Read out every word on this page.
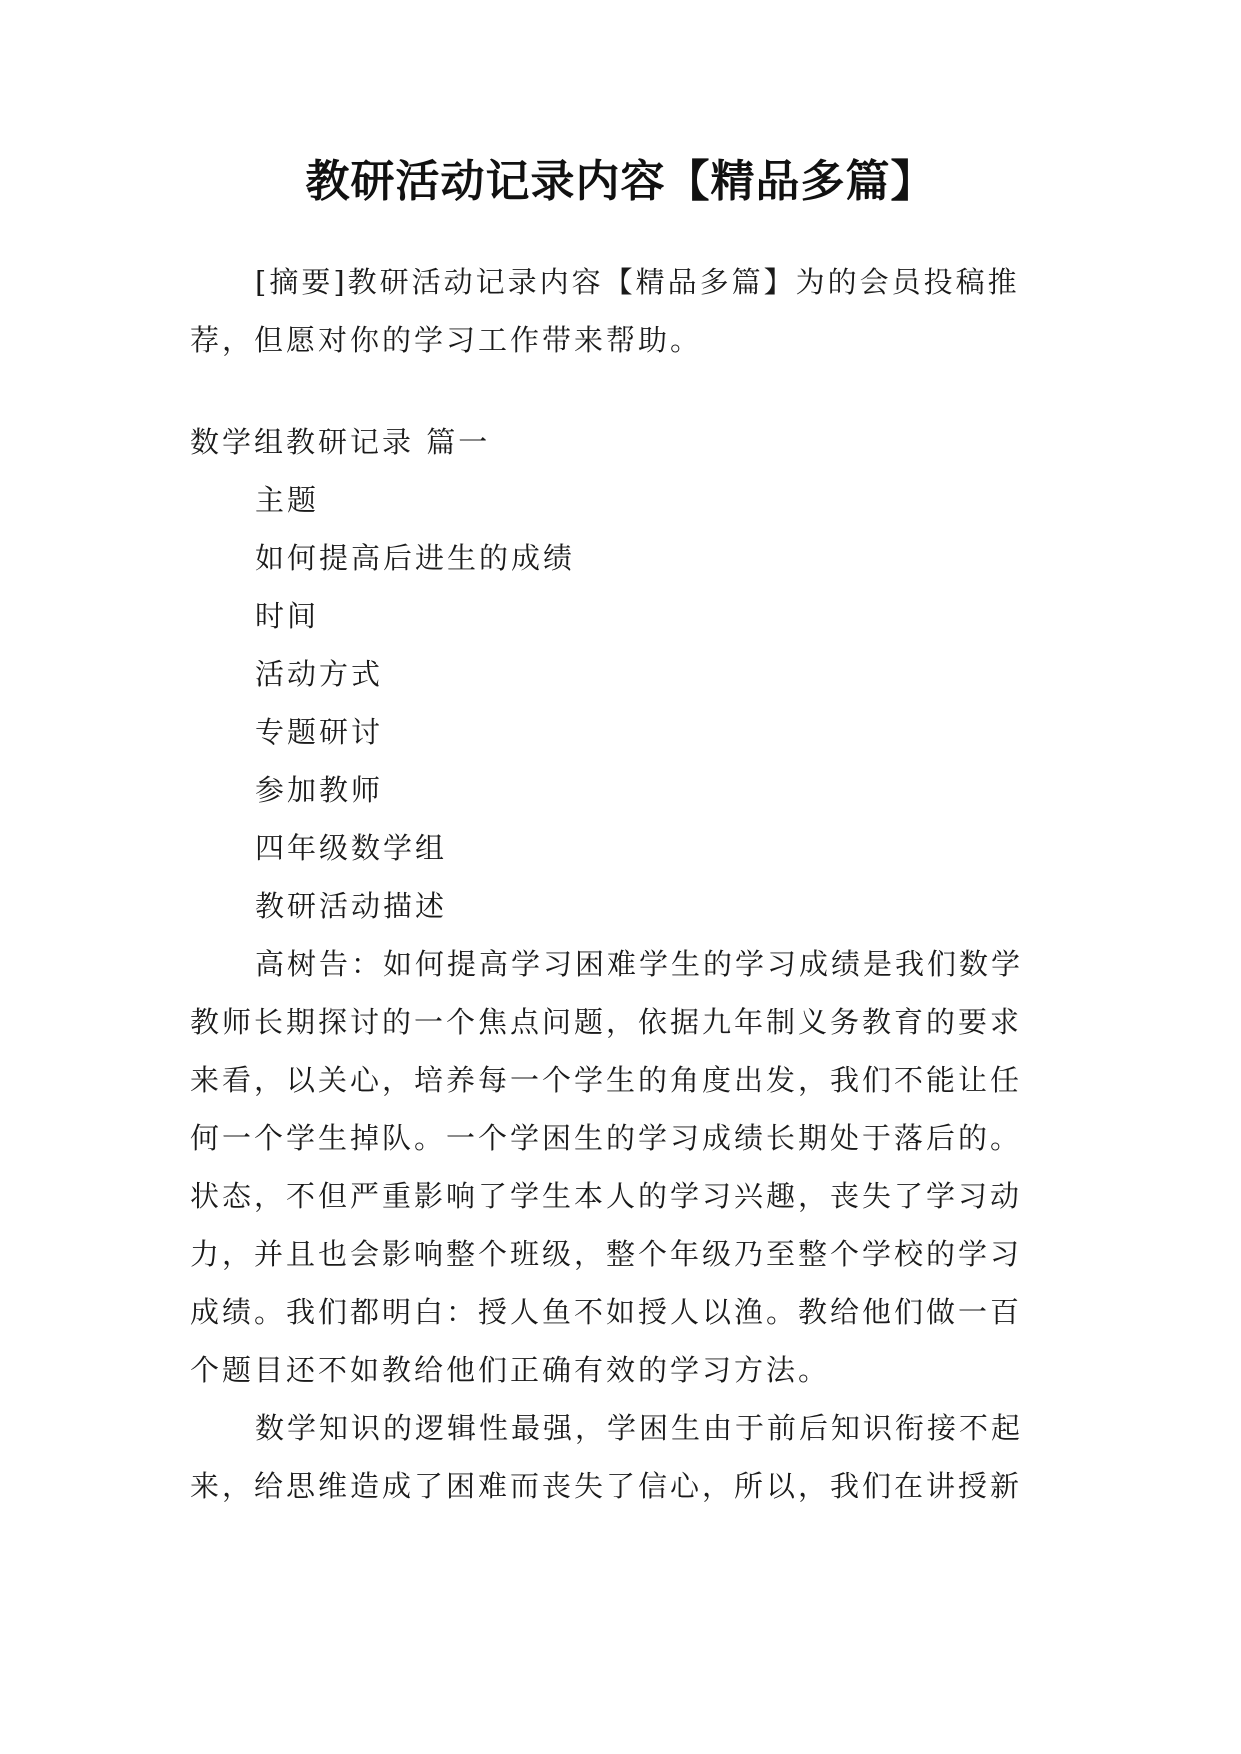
教研活动记录内容【精品多篇】
[摘要]教研活动记录内容【精品多篇】为的会员投稿推
荐，但愿对你的学习工作带来帮助。
数学组教研记录 篇一
主题
如何提高后进生的成绩
时间
活动方式
专题研讨
参加教师
四年级数学组
教研活动描述
高树告：如何提高学习困难学生的学习成绩是我们数学
教师长期探讨的一个焦点问题，依据九年制义务教育的要求
来看，以关心，培养每一个学生的角度出发，我们不能让任
何一个学生掉队。一个学困生的学习成绩长期处于落后的。
状态，不但严重影响了学生本人的学习兴趣，丧失了学习动
力，并且也会影响整个班级，整个年级乃至整个学校的学习
成绩。我们都明白：授人鱼不如授人以渔。教给他们做一百
个题目还不如教给他们正确有效的学习方法。
数学知识的逻辑性最强，学困生由于前后知识衔接不起
来，给思维造成了困难而丧失了信心，所以，我们在讲授新
